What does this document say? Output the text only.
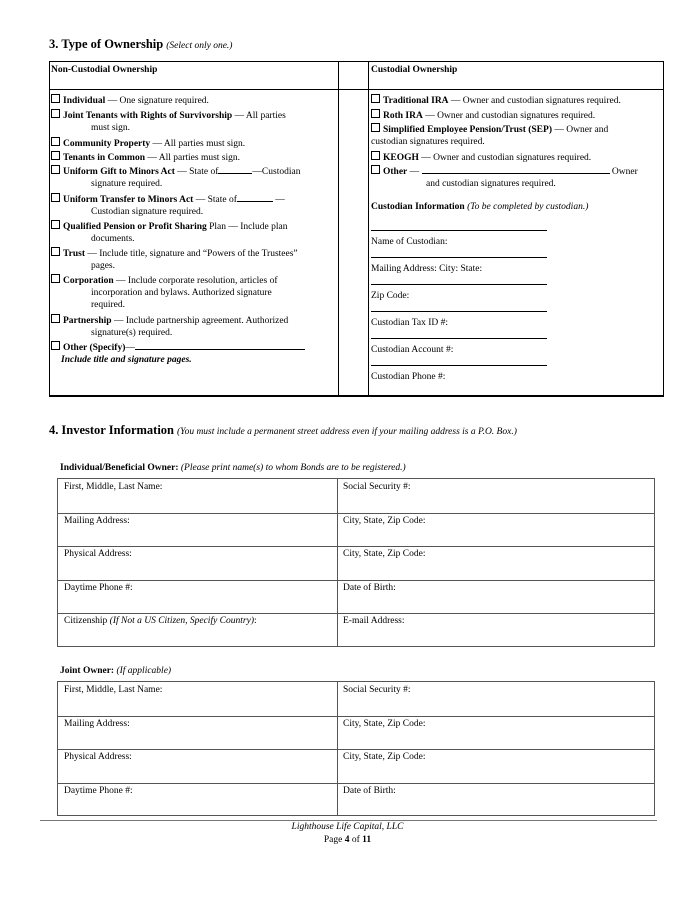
3. Type of Ownership (Select only one.)
Non-Custodial Ownership	Custodial Ownership
Individual — One signature required.
Joint Tenants with Rights of Survivorship — All parties
must sign.
Community Property — All parties must sign.
Tenants in Common — All parties must sign.
Uniform Gift to Minors Act — State of	—Custodian
signature required.
Uniform Transfer to Minors Act — State of	—
Custodian signature required.
Qualified Pension or Profit Sharing Plan — Include plan
documents.
Trust — Include title, signature and “Powers of the Trustees”
pages.
Corporation — Include corporate resolution, articles of
incorporation and bylaws. Authorized signature
required.
Partnership — Include partnership agreement. Authorized
signature(s) required.
Other (Specify)—
Include title and signature pages.
Traditional IRA — Owner and custodian signatures required.
Roth IRA — Owner and custodian signatures required.
Simplified Employee Pension/Trust (SEP) — Owner and
custodian signatures required.
KEOGH — Owner and custodian signatures required.
Other —	Owner
and custodian signatures required.
Custodian Information (To be completed by custodian.)
Name of Custodian:
Mailing Address: City: State:
Zip Code:
Custodian Tax ID #:
Custodian Account #:
Custodian Phone #:
4. Investor Information (You must include a permanent street address even if your mailing address is a P.O. Box.)
Individual/Beneficial Owner: (Please print name(s) to whom Bonds are to be registered.)
First, Middle, Last Name:	Social Security #:
Mailing Address:	City, State, Zip Code:
Physical Address:	City, State, Zip Code:
Daytime Phone #:	Date of Birth:
Citizenship (If Not a US Citizen, Specify Country):	E-mail Address:
Joint Owner: (If applicable)
First, Middle, Last Name:	Social Security #:
Mailing Address:	City, State, Zip Code:
Physical Address:	City, State, Zip Code:
Daytime Phone #:	Date of Birth:
Lighthouse Life Capital, LLC
Page 4 of 11
